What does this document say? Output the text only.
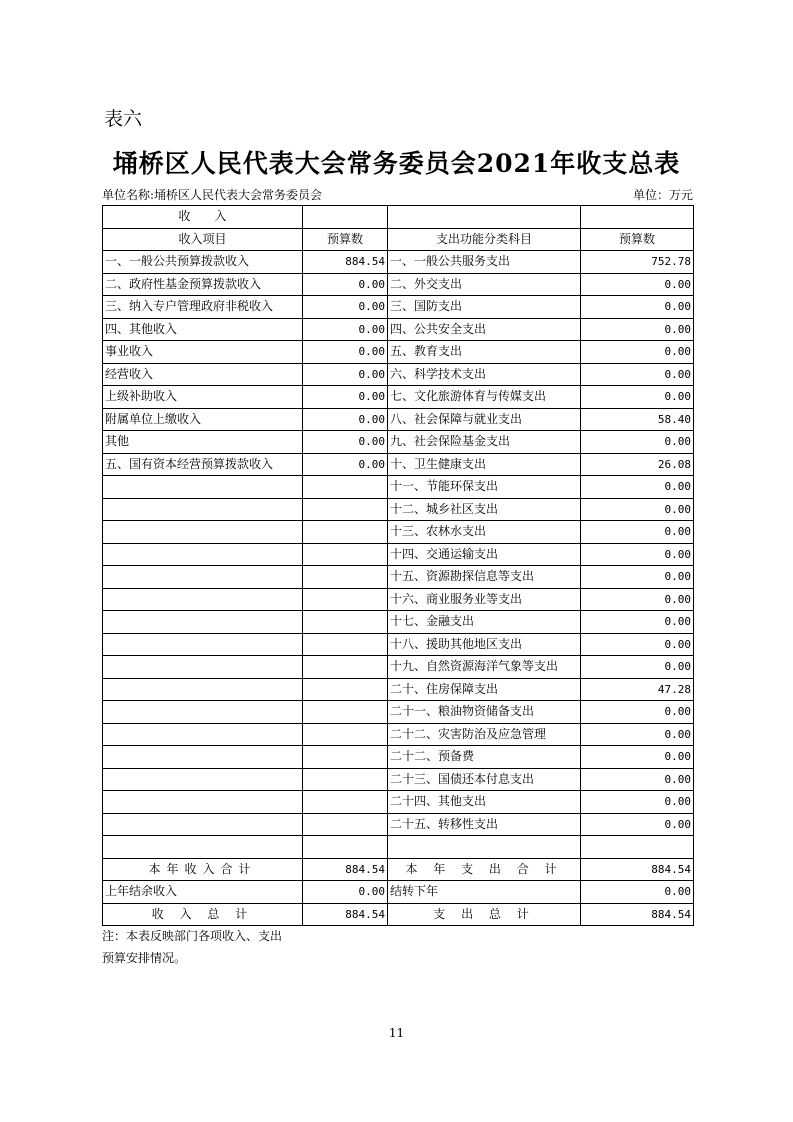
表六
埇桥区人民代表大会常务委员会2021年收支总表
单位名称:埇桥区人民代表大会常务委员会	单位：万元
收　　入			
收入项目	预算数	支出功能分类科目	预算数
一、一般公共预算拨款收入	884.54	一、一般公共服务支出	752.78
二、政府性基金预算拨款收入	0.00	二、外交支出	0.00
三、纳入专户管理政府非税收入	0.00	三、国防支出	0.00
四、其他收入	0.00	四、公共安全支出	0.00
事业收入	0.00	五、教育支出	0.00
经营收入	0.00	六、科学技术支出	0.00
上级补助收入	0.00	七、文化旅游体育与传媒支出	0.00
附属单位上缴收入	0.00	八、社会保障与就业支出	58.40
其他	0.00	九、社会保险基金支出	0.00
五、国有资本经营预算拨款收入	0.00	十、卫生健康支出	26.08
		十一、节能环保支出	0.00
		十二、城乡社区支出	0.00
		十三、农林水支出	0.00
		十四、交通运输支出	0.00
		十五、资源勘探信息等支出	0.00
		十六、商业服务业等支出	0.00
		十七、金融支出	0.00
		十八、援助其他地区支出	0.00
		十九、自然资源海洋气象等支出	0.00
		二十、住房保障支出	47.28
		二十一、粮油物资储备支出	0.00
		二十二、灾害防治及应急管理	0.00
		二十二、预备费	0.00
		二十三、国债还本付息支出	0.00
		二十四、其他支出	0.00
		二十五、转移性支出	0.00

本年收入合计	884.54	本 年 支 出 合 计	884.54
上年结余收入	0.00	结转下年	0.00
收 入 总 计	884.54	支 出 总 计	884.54
注：本表反映部门各项收入、支出
预算安排情况。
11
